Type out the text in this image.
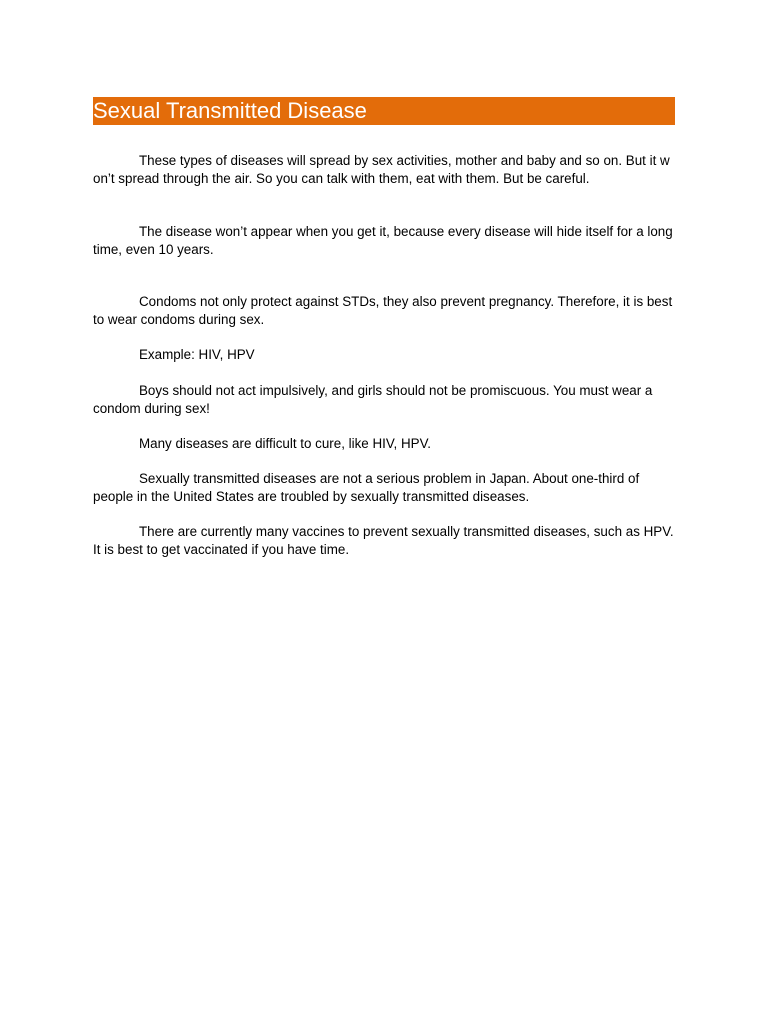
Sexual Transmitted Disease

These types of diseases will spread by sex activities, mother and baby and so on. But it won’t spread through the air. So you can talk with them, eat with them. But be careful.

The disease won’t appear when you get it, because every disease will hide itself for a long time, even 10 years.

Condoms not only protect against STDs, they also prevent pregnancy. Therefore, it is best to wear condoms during sex.

Example: HIV, HPV

Boys should not act impulsively, and girls should not be promiscuous. You must wear a condom during sex!

Many diseases are difficult to cure, like HIV, HPV.

Sexually transmitted diseases are not a serious problem in Japan. About one-third of people in the United States are troubled by sexually transmitted diseases.

There are currently many vaccines to prevent sexually transmitted diseases, such as HPV. It is best to get vaccinated if you have time.
